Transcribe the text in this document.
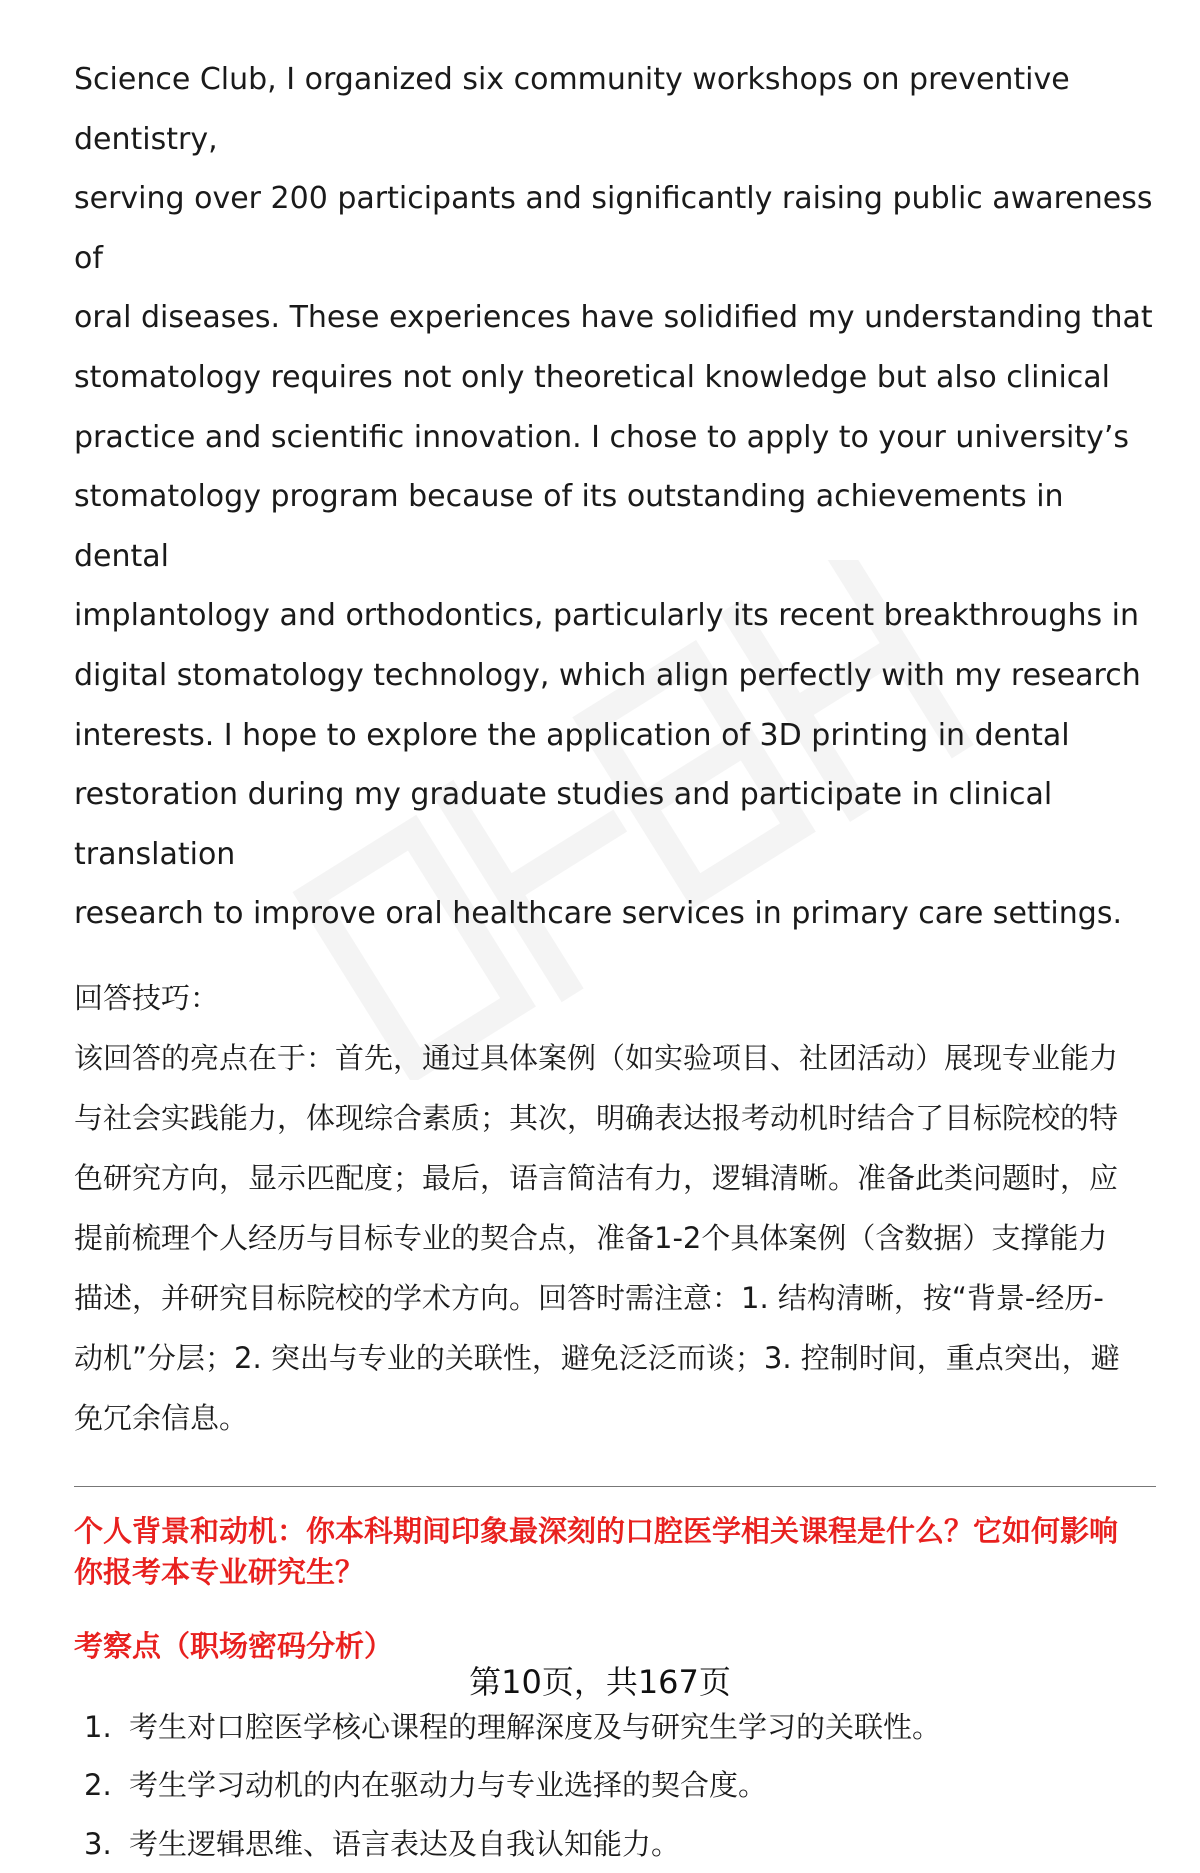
Science Club, I organized six community workshops on preventive dentistry,
serving over 200 participants and significantly raising public awareness of
oral diseases. These experiences have solidified my understanding that
stomatology requires not only theoretical knowledge but also clinical
practice and scientific innovation. I chose to apply to your university’s
stomatology program because of its outstanding achievements in dental
implantology and orthodontics, particularly its recent breakthroughs in
digital stomatology technology, which align perfectly with my research
interests. I hope to explore the application of 3D printing in dental
restoration during my graduate studies and participate in clinical translation
research to improve oral healthcare services in primary care settings.
回答技巧：
该回答的亮点在于：首先，通过具体案例（如实验项目、社团活动）展现专业能力
与社会实践能力，体现综合素质；其次，明确表达报考动机时结合了目标院校的特
色研究方向，显示匹配度；最后，语言简洁有力，逻辑清晰。准备此类问题时，应
提前梳理个人经历与目标专业的契合点，准备1-2个具体案例（含数据）支撑能力
描述，并研究目标院校的学术方向。回答时需注意：1. 结构清晰，按“背景-经历-
动机”分层；2. 突出与专业的关联性，避免泛泛而谈；3. 控制时间，重点突出，避
免冗余信息。
个人背景和动机：你本科期间印象最深刻的口腔医学相关课程是什么？它如何影响
你报考本专业研究生？
考察点（职场密码分析）
1. 考生对口腔医学核心课程的理解深度及与研究生学习的关联性。
2. 考生学习动机的内在驱动力与专业选择的契合度。
3. 考生逻辑思维、语言表达及自我认知能力。
第10页，共167页
